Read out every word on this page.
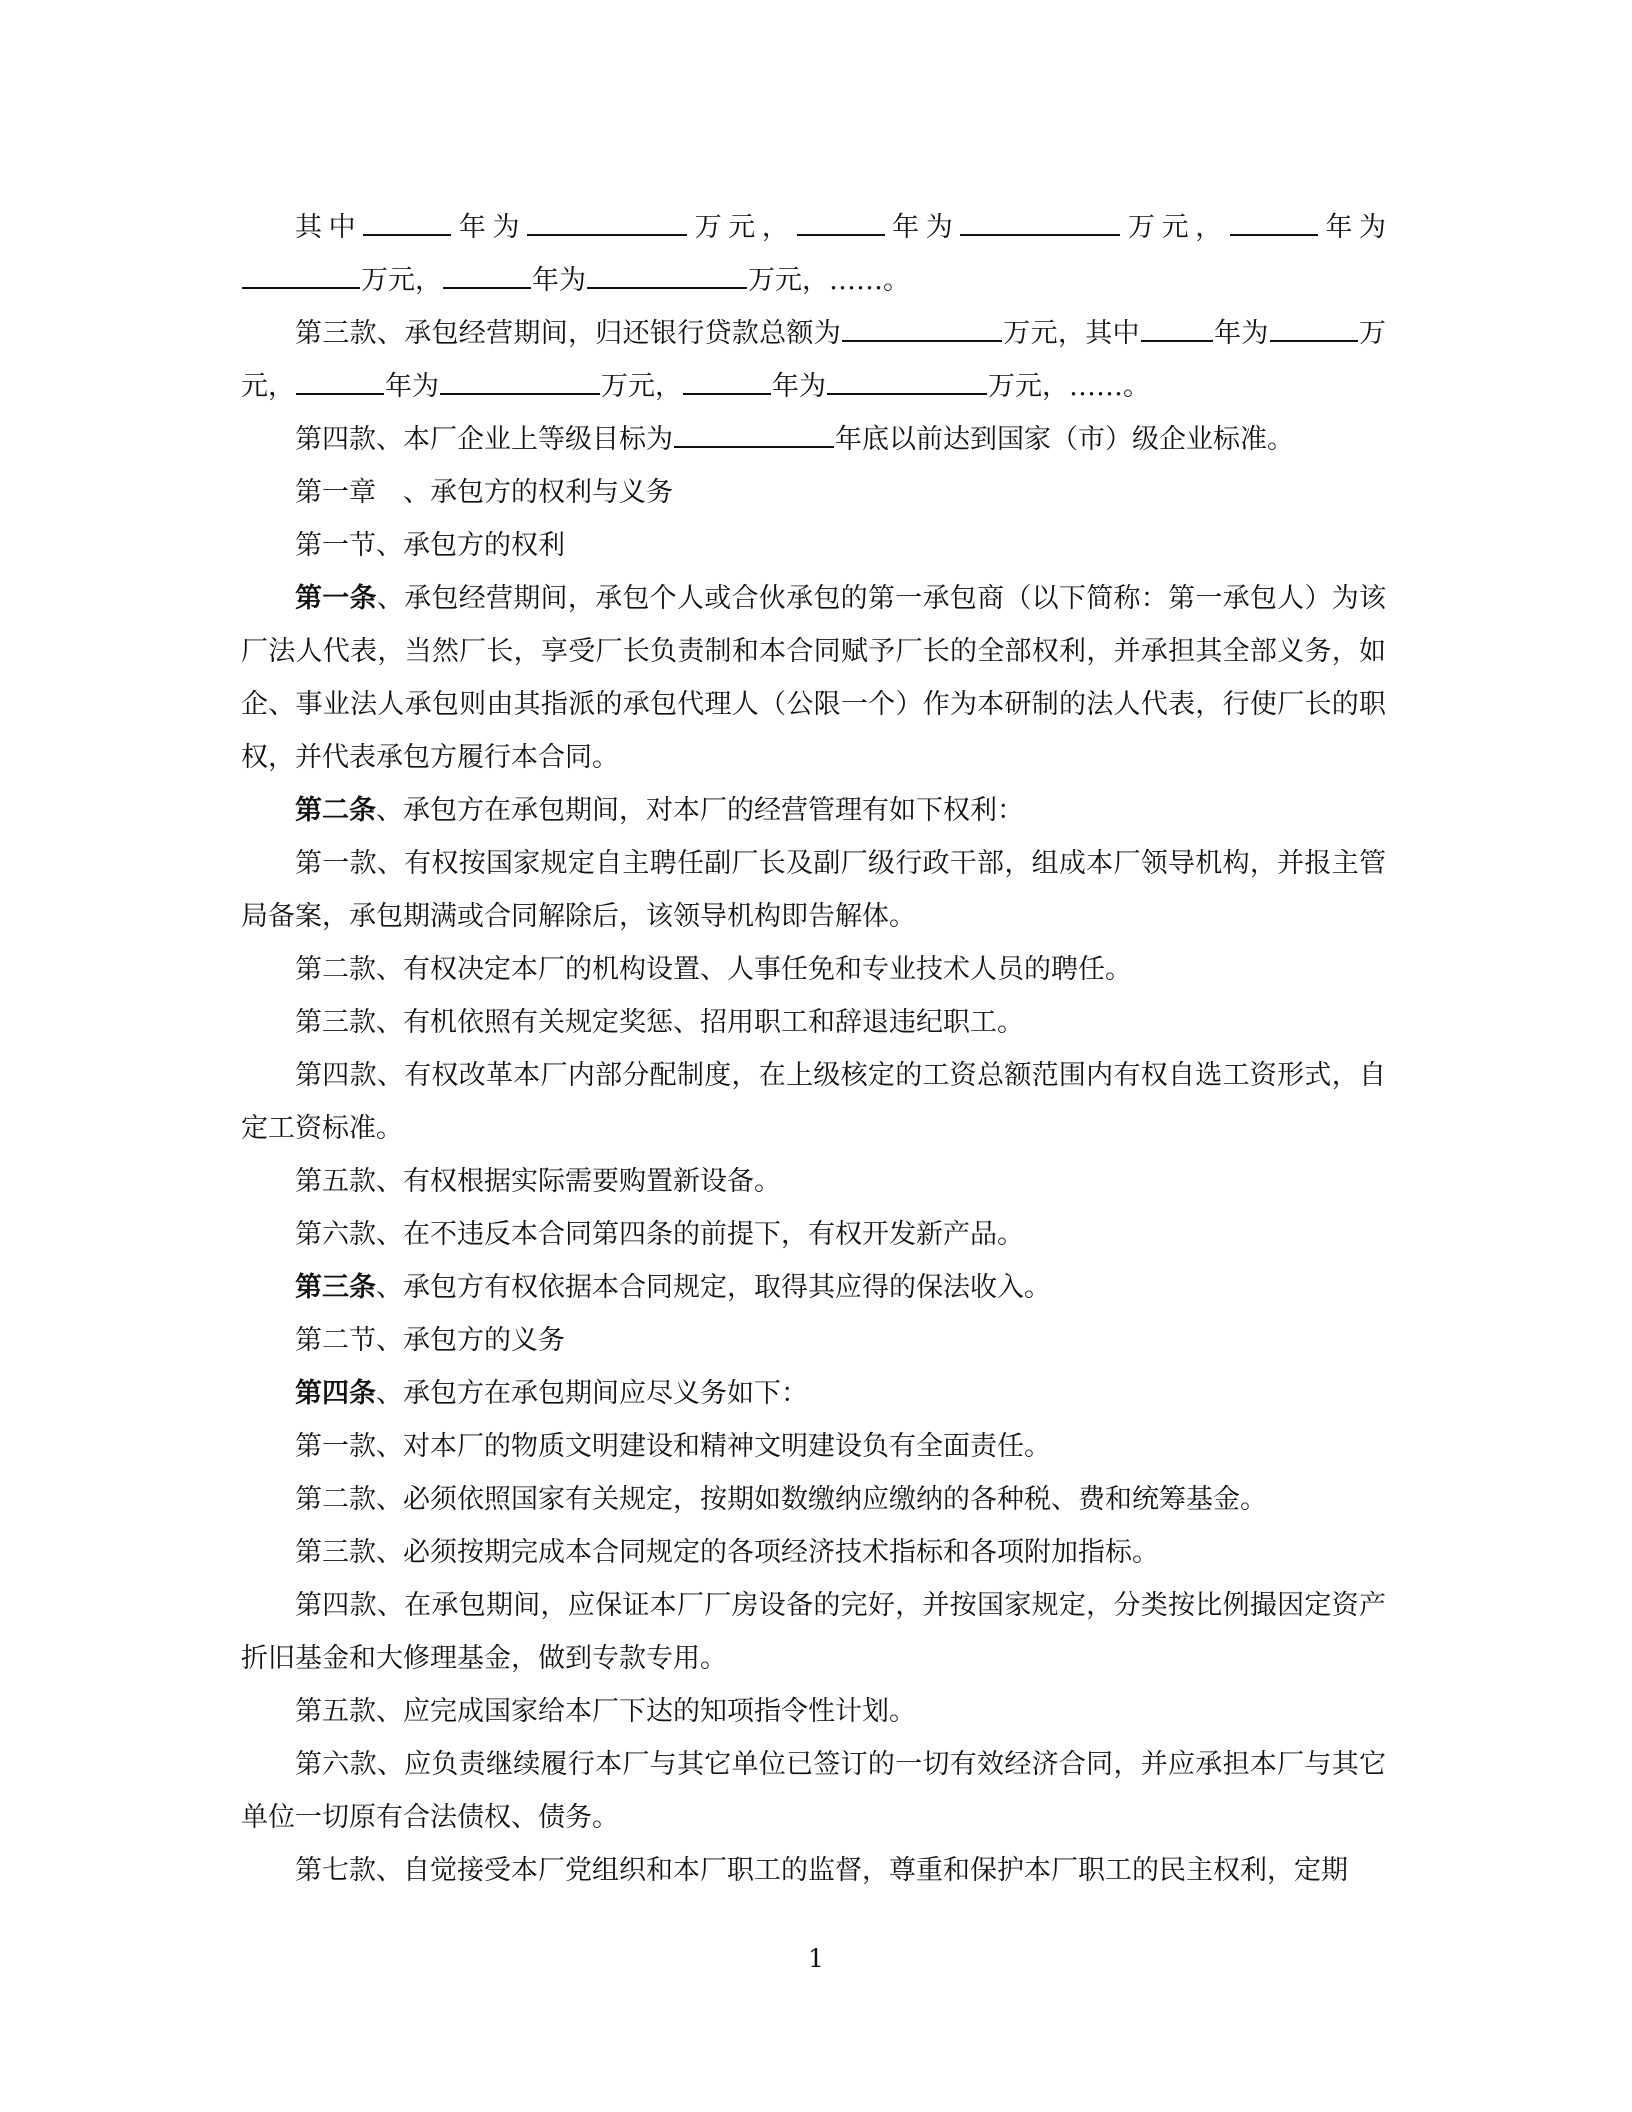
其中	年为	万元，	年为	万元，	年为万元，	年为	万元，……。

第三款、承包经营期间，归还银行贷款总额为	万元，其中	年为	万元，	年为	万元，	年为	万元，……。

第四款、本厂企业上等级目标为	年底以前达到国家（市）级企业标准。

第一章　、承包方的权利与义务

第一节、承包方的权利

第一条、承包经营期间，承包个人或合伙承包的第一承包商（以下简称：第一承包人）为该厂法人代表，当然厂长，享受厂长负责制和本合同赋予厂长的全部权利，并承担其全部义务，如企、事业法人承包则由其指派的承包代理人（公限一个）作为本研制的法人代表，行使厂长的职权，并代表承包方履行本合同。

第二条、承包方在承包期间，对本厂的经营管理有如下权利：

第一款、有权按国家规定自主聘任副厂长及副厂级行政干部，组成本厂领导机构，并报主管局备案，承包期满或合同解除后，该领导机构即告解体。

第二款、有权决定本厂的机构设置、人事任免和专业技术人员的聘任。

第三款、有机依照有关规定奖惩、招用职工和辞退违纪职工。

第四款、有权改革本厂内部分配制度，在上级核定的工资总额范围内有权自选工资形式，自定工资标准。

第五款、有权根据实际需要购置新设备。

第六款、在不违反本合同第四条的前提下，有权开发新产品。

第三条、承包方有权依据本合同规定，取得其应得的保法收入。

第二节、承包方的义务

第四条、承包方在承包期间应尽义务如下：

第一款、对本厂的物质文明建设和精神文明建设负有全面责任。

第二款、必须依照国家有关规定，按期如数缴纳应缴纳的各种税、费和统筹基金。

第三款、必须按期完成本合同规定的各项经济技术指标和各项附加指标。

第四款、在承包期间，应保证本厂厂房设备的完好，并按国家规定，分类按比例撮因定资产折旧基金和大修理基金，做到专款专用。

第五款、应完成国家给本厂下达的知项指令性计划。

第六款、应负责继续履行本厂与其它单位已签订的一切有效经济合同，并应承担本厂与其它单位一切原有合法债权、债务。

第七款、自觉接受本厂党组织和本厂职工的监督，尊重和保护本厂职工的民主权利，定期

1
